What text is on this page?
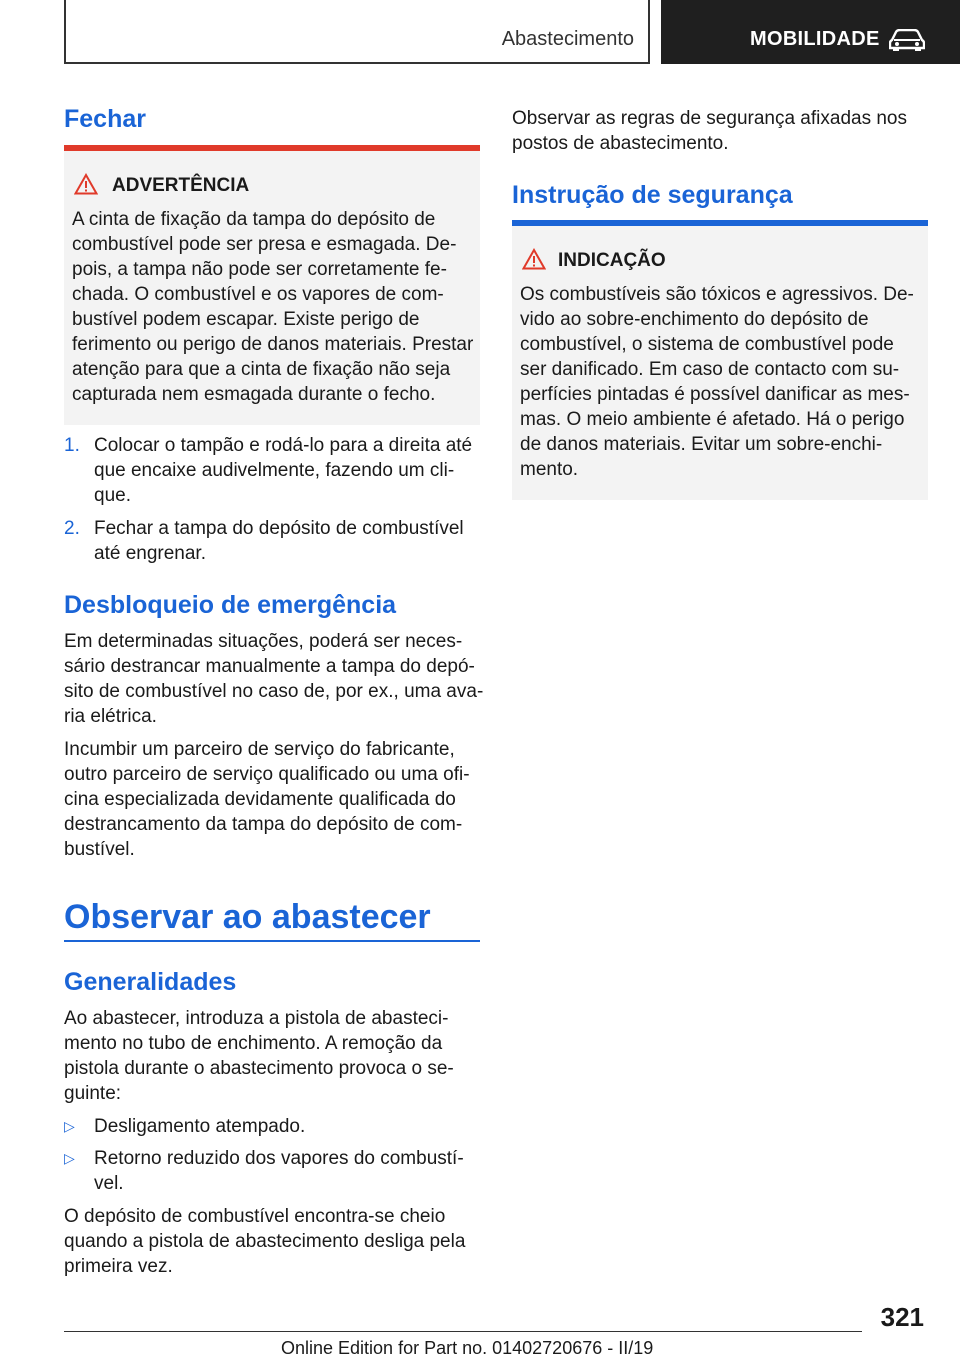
Abastecimento	MOBILIDADE
Fechar
ADVERTÊNCIA

A cinta de fixação da tampa do depósito de

combustível pode ser presa e esmagada. De-

pois, a tampa não pode ser corretamente fe-

chada. O combustível e os vapores de com-

bustível podem escapar. Existe perigo de

ferimento ou perigo de danos materiais. Prestar

atenção para que a cinta de fixação não seja

capturada nem esmagada durante o fecho.

1. Colocar o tampão e rodá-lo para a direita até

que encaixe audivelmente, fazendo um cli-

que.

2. Fechar a tampa do depósito de combustível

até engrenar.

Desbloqueio de emergência

Em determinadas situações, poderá ser neces-

sário destrancar manualmente a tampa do depó-

sito de combustível no caso de, por ex., uma ava-

ria elétrica.

Incumbir um parceiro de serviço do fabricante,

outro parceiro de serviço qualificado ou uma ofi-

cina especializada devidamente qualificada do

destrancamento da tampa do depósito de com-

bustível.

Observar ao abastecer
Generalidades

Ao abastecer, introduza a pistola de abasteci-

mento no tubo de enchimento. A remoção da

pistola durante o abastecimento provoca o se-

guinte:

▷ Desligamento atempado.

▷ Retorno reduzido dos vapores do combustí-

vel.

O depósito de combustível encontra-se cheio

quando a pistola de abastecimento desliga pela

primeira vez.

Observar as regras de segurança afixadas nos

postos de abastecimento.

Instrução de segurança
INDICAÇÃO

Os combustíveis são tóxicos e agressivos. De-

vido ao sobre-enchimento do depósito de

combustível, o sistema de combustível pode

ser danificado. Em caso de contacto com su-

perfícies pintadas é possível danificar as mes-

mas. O meio ambiente é afetado. Há o perigo

de danos materiais. Evitar um sobre-enchi-

mento.

321
Online Edition for Part no. 01402720676 - II/19
